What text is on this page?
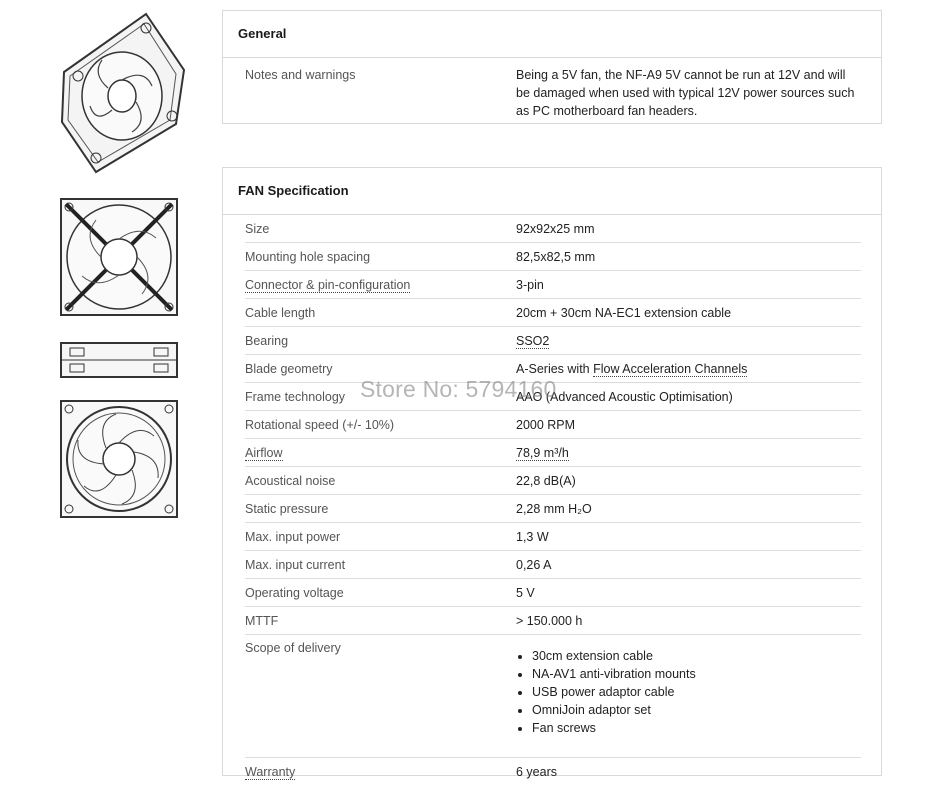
General
Notes and warnings	Being a 5V fan, the NF-A9 5V cannot be run at 12V and will be damaged when used with typical 12V power sources such as PC motherboard fan headers.
FAN Specification
Size	92x92x25 mm
Mounting hole spacing	82,5x82,5 mm
Connector & pin-configuration	3-pin
Cable length	20cm + 30cm NA-EC1 extension cable
Bearing	SSO2
Blade geometry	A-Series with Flow Acceleration Channels
Frame technology	AAO (Advanced Acoustic Optimisation)
Rotational speed (+/- 10%)	2000 RPM
Airflow	78,9 m³/h
Acoustical noise	22,8 dB(A)
Static pressure	2,28 mm H₂O
Max. input power	1,3 W
Max. input current	0,26 A
Operating voltage	5 V
MTTF	> 150.000 h
Scope of delivery
• 30cm extension cable
• NA-AV1 anti-vibration mounts
• USB power adaptor cable
• OmniJoin adaptor set
• Fan screws
Warranty	6 years
Store No: 5794160
